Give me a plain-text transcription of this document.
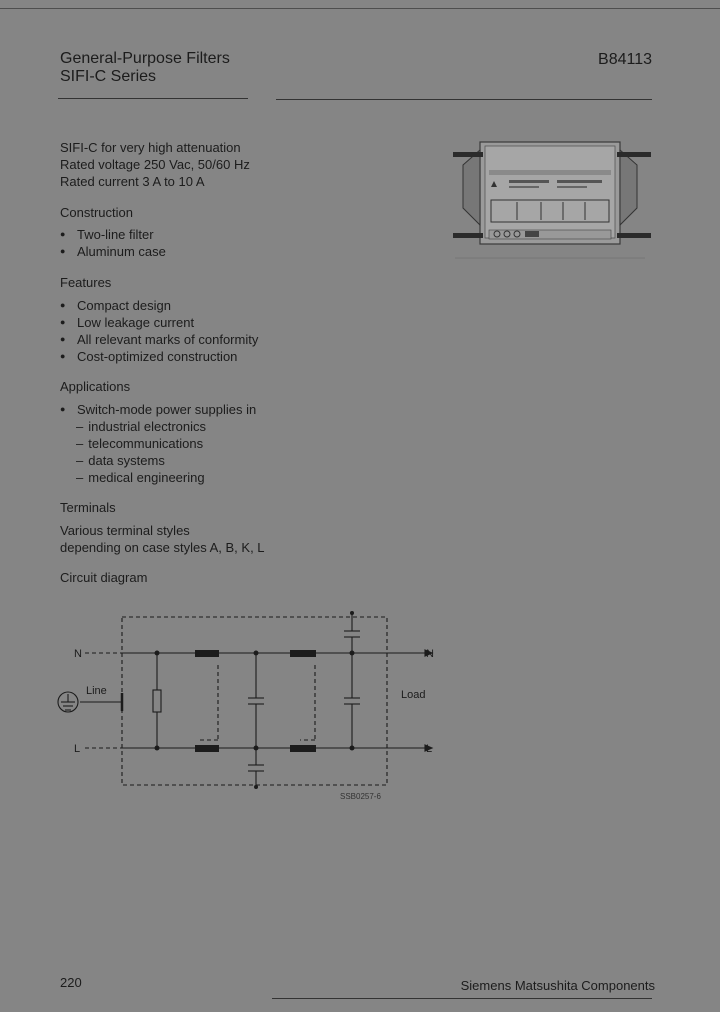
General-Purpose Filters
SIFI-C Series
B84113
SIFI-C for very high attenuation
Rated voltage 250 Vac, 50/60 Hz
Rated current 3 A to 10 A
Construction
● Two-line filter
● Aluminum case
Features
● Compact design
● Low leakage current
● All relevant marks of conformity
● Cost-optimized construction
Applications
● Switch-mode power supplies in
– industrial electronics
– telecommunications
– data systems
– medical engineering
Terminals
Various terminal styles
depending on case styles A, B, K, L
Circuit diagram
N
L
Line	Load
N
L
SSB0257-6
220	Siemens Matsushita Components
